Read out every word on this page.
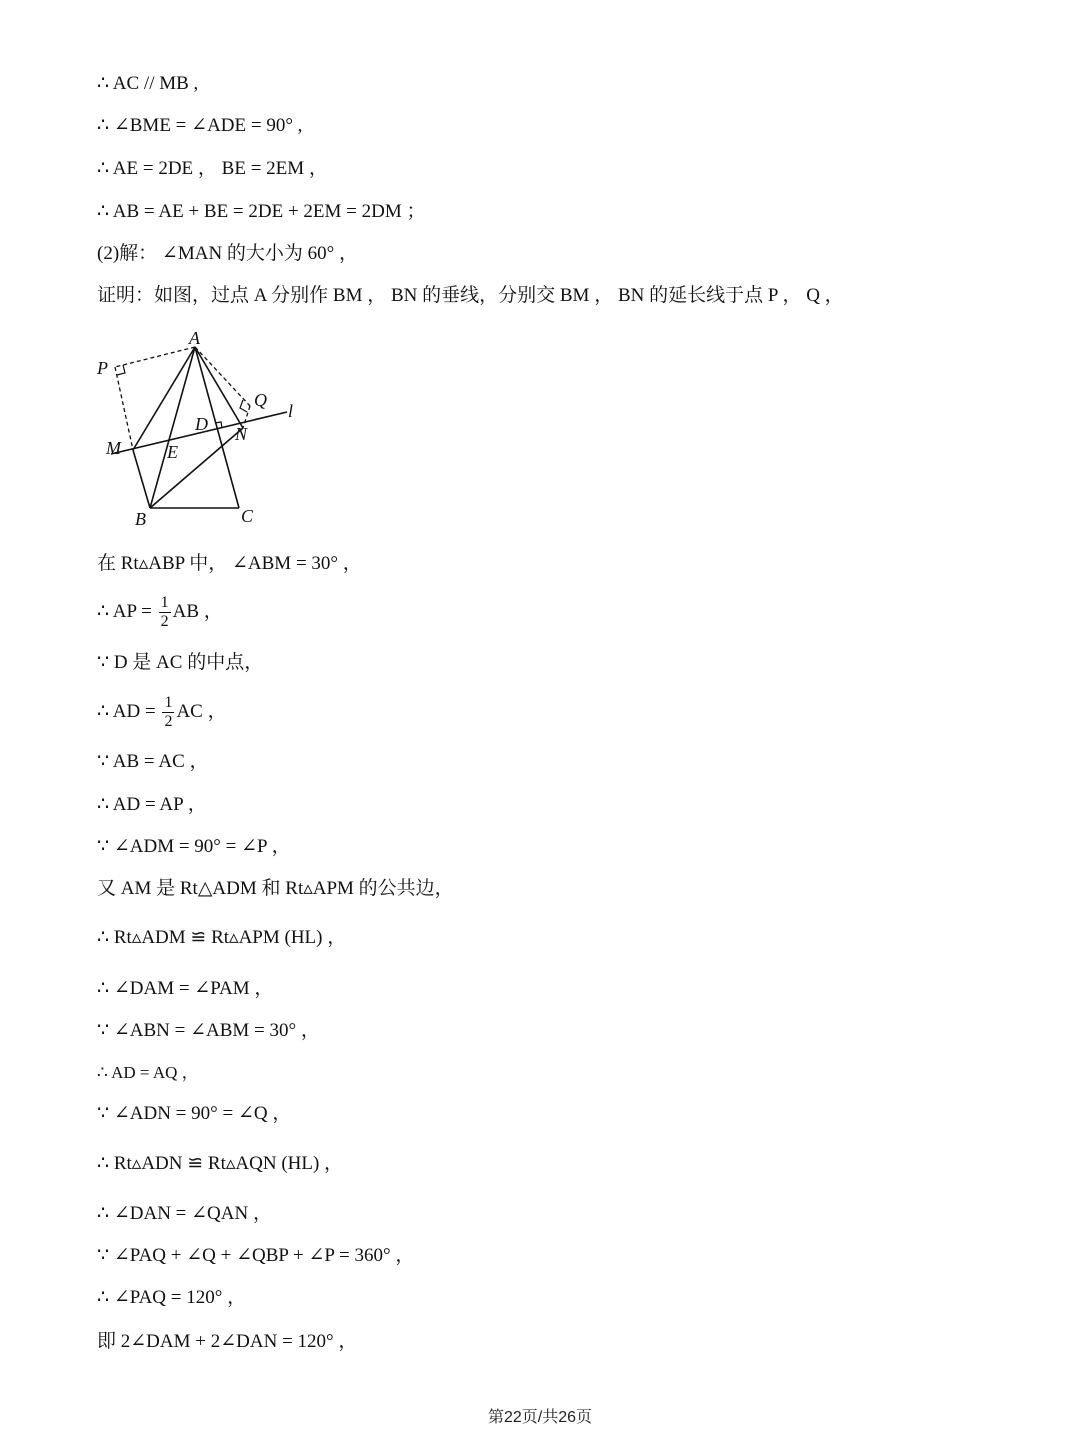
∴ AC // MB ,
∴ ∠BME = ∠ADE = 90° ,
∴ AE = 2DE ， BE = 2EM ，
∴ AB = AE + BE = 2DE + 2EM = 2DM ；
(2)解： ∠MAN 的大小为 60° ，
证明：如图，过点 A 分别作 BM ， BN 的垂线，分别交 BM ， BN 的延长线于点 P ， Q ，
A
P
Q
l
D N
M	E
B	C
在 Rt▵ABP 中， ∠ABM = 30° ，
∴ AP = $\frac{1}{2}$ AB ，
∵ D 是 AC 的中点，
∴ AD = $\frac{1}{2}$ AC ，
∵ AB = AC ，
∴ AD = AP ，
∵ ∠ADM = 90° = ∠P ，
又 AM 是 Rt△ADM 和 Rt▵APM 的公共边，
∴ Rt▵ADM ≌ Rt▵APM (HL) ，
∴ ∠DAM = ∠PAM ，
∵ ∠ABN = ∠ABM = 30° ，
∴ AD = AQ ，
∵ ∠ADN = 90° = ∠Q ，
∴ Rt▵ADN ≌ Rt▵AQN (HL) ，
∴ ∠DAN = ∠QAN ，
∵ ∠PAQ + ∠Q + ∠QBP + ∠P = 360° ，
∴ ∠PAQ = 120° ，
即 2∠DAM + 2∠DAN = 120° ，
第22页/共26页
